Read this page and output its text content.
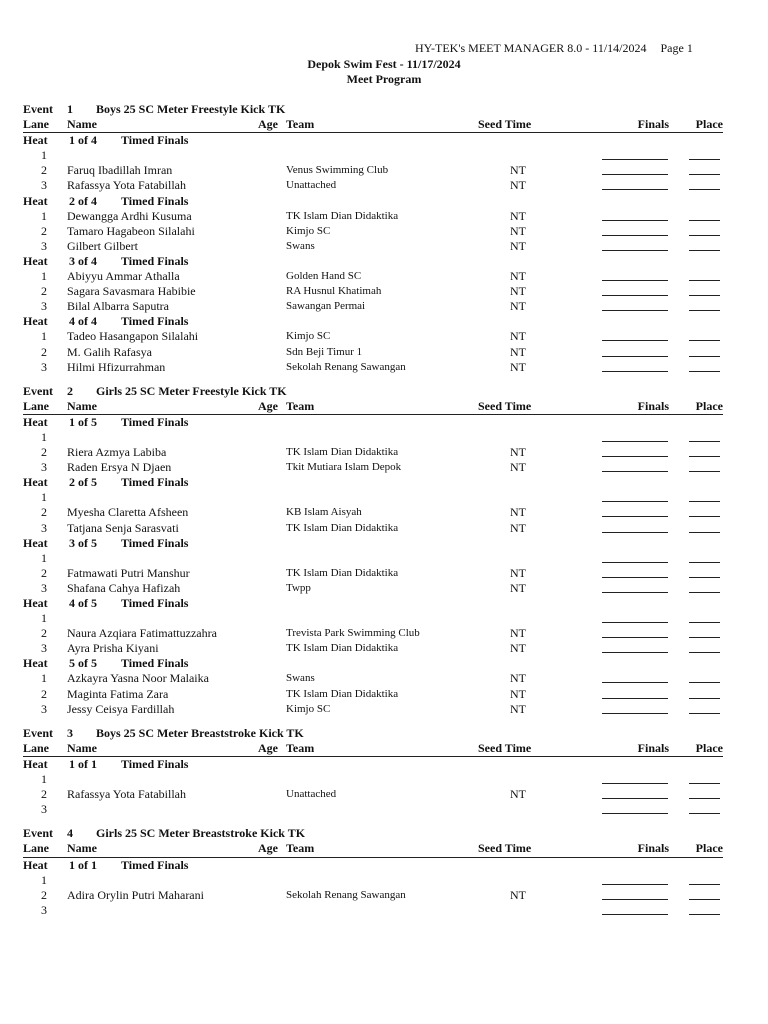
HY-TEK's MEET MANAGER 8.0 - 11/14/2024 Page 1
Depok Swim Fest - 11/17/2024
Meet Program
Event 1 Boys 25 SC Meter Freestyle Kick TK
Lane Name	Age Team	Seed Time	Finals Place
Heat 1 of 4 Timed Finals
1
2 Faruq Ibadillah Imran	Venus Swimming Club	NT
3 Rafassya Yota Fatabillah	Unattached	NT
Heat 2 of 4 Timed Finals
1 Dewangga Ardhi Kusuma	TK Islam Dian Didaktika	NT
2 Tamaro Hagabeon Silalahi	Kimjo SC	NT
3 Gilbert Gilbert	Swans	NT
Heat 3 of 4 Timed Finals
1 Abiyyu Ammar Athalla	Golden Hand SC	NT
2 Sagara Savasmara Habibie	RA Husnul Khatimah	NT
3 Bilal Albarra Saputra	Sawangan Permai	NT
Heat 4 of 4 Timed Finals
1 Tadeo Hasangapon Silalahi	Kimjo SC	NT
2 M. Galih Rafasya	Sdn Beji Timur 1	NT
3 Hilmi Hfizurrahman	Sekolah Renang Sawangan	NT
Event 2 Girls 25 SC Meter Freestyle Kick TK
Lane Name	Age Team	Seed Time	Finals Place
Heat 1 of 5 Timed Finals
1
2 Riera Azmya Labiba	TK Islam Dian Didaktika	NT
3 Raden Ersya N Djaen	Tkit Mutiara Islam Depok	NT
Heat 2 of 5 Timed Finals
1
2 Myesha Claretta Afsheen	KB Islam Aisyah	NT
3 Tatjana Senja Sarasvati	TK Islam Dian Didaktika	NT
Heat 3 of 5 Timed Finals
1
2 Fatmawati Putri Manshur	TK Islam Dian Didaktika	NT
3 Shafana Cahya Hafizah	Twpp	NT
Heat 4 of 5 Timed Finals
1
2 Naura Azqiara Fatimattuzzahra	Trevista Park Swimming Club	NT
3 Ayra Prisha Kiyani	TK Islam Dian Didaktika	NT
Heat 5 of 5 Timed Finals
1 Azkayra Yasna Noor Malaika	Swans	NT
2 Maginta Fatima Zara	TK Islam Dian Didaktika	NT
3 Jessy Ceisya Fardillah	Kimjo SC	NT
Event 3 Boys 25 SC Meter Breaststroke Kick TK
Lane Name	Age Team	Seed Time	Finals Place
Heat 1 of 1 Timed Finals
1
2 Rafassya Yota Fatabillah	Unattached	NT
3
Event 4 Girls 25 SC Meter Breaststroke Kick TK
Lane Name	Age Team	Seed Time	Finals Place
Heat 1 of 1 Timed Finals
1
2 Adira Orylin Putri Maharani	Sekolah Renang Sawangan	NT
3
